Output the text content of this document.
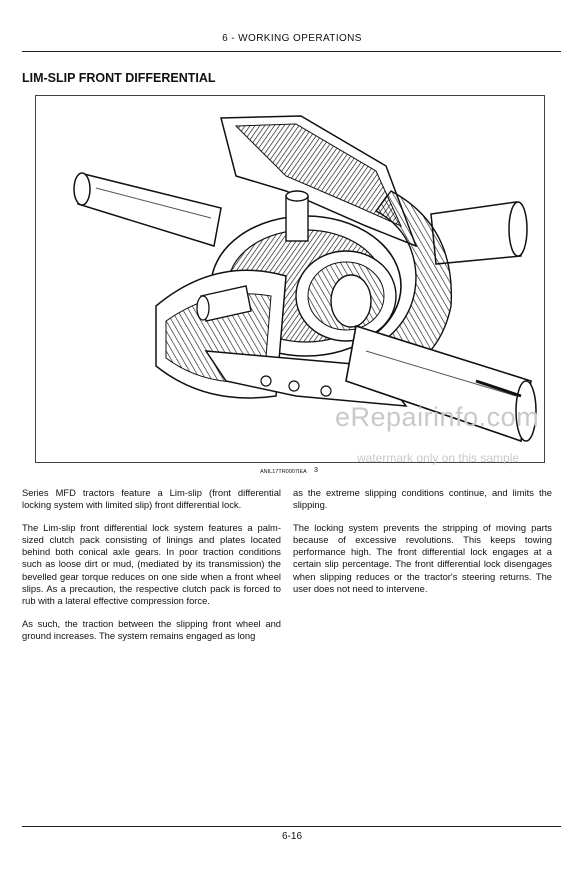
6 - WORKING OPERATIONS
LIM-SLIP FRONT DIFFERENTIAL
ANIL17TR0007IEA 3
eRepairinfo.com
watermark only on this sample

Series MFD tractors feature a Lim-slip (front differential locking system with limited slip) front differential lock.

The Lim-slip front differential lock system features a palm-sized clutch pack consisting of linings and plates located behind both conical axle gears. In poor traction conditions such as loose dirt or mud, (mediated by its transmission) the bevelled gear torque reduces on one side when a front wheel slips. As a precaution, the respective clutch pack is forced to rub with a lateral effective compression force.

As such, the traction between the slipping front wheel and ground increases. The system remains engaged as long

as the extreme slipping conditions continue, and limits the slipping.

The locking system prevents the stripping of moving parts because of excessive revolutions. This keeps towing performance high. The front differential lock engages at a certain slip percentage. The front differential lock disengages when slipping reduces or the tractor's steering returns. The user does not need to intervene.

6-16
